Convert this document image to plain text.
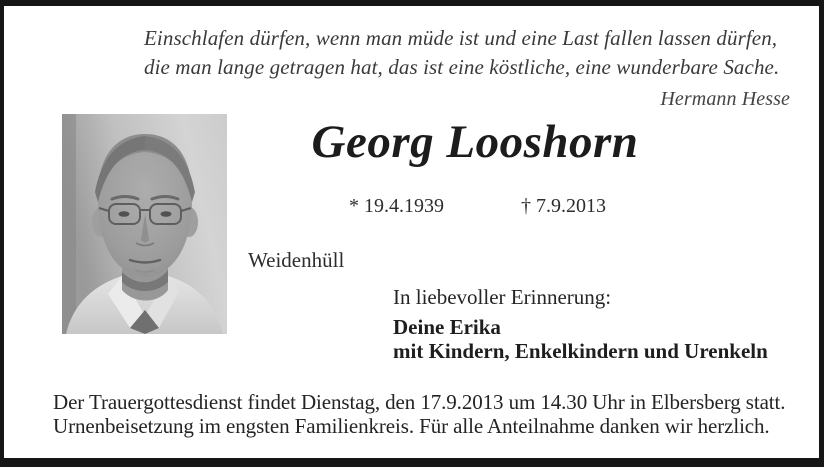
Einschlafen dürfen, wenn man müde ist und eine Last fallen lassen dürfen,
die man lange getragen hat, das ist eine köstliche, eine wunderbare Sache.
Hermann Hesse
Georg Looshorn
* 19.4.1939	† 7.9.2013
Weidenhüll
In liebevoller Erinnerung:
Deine Erika
mit Kindern, Enkelkindern und Urenkeln
Der Trauergottesdienst findet Dienstag, den 17.9.2013 um 14.30 Uhr in Elbersberg statt.
Urnenbeisetzung im engsten Familienkreis. Für alle Anteilnahme danken wir herzlich.
